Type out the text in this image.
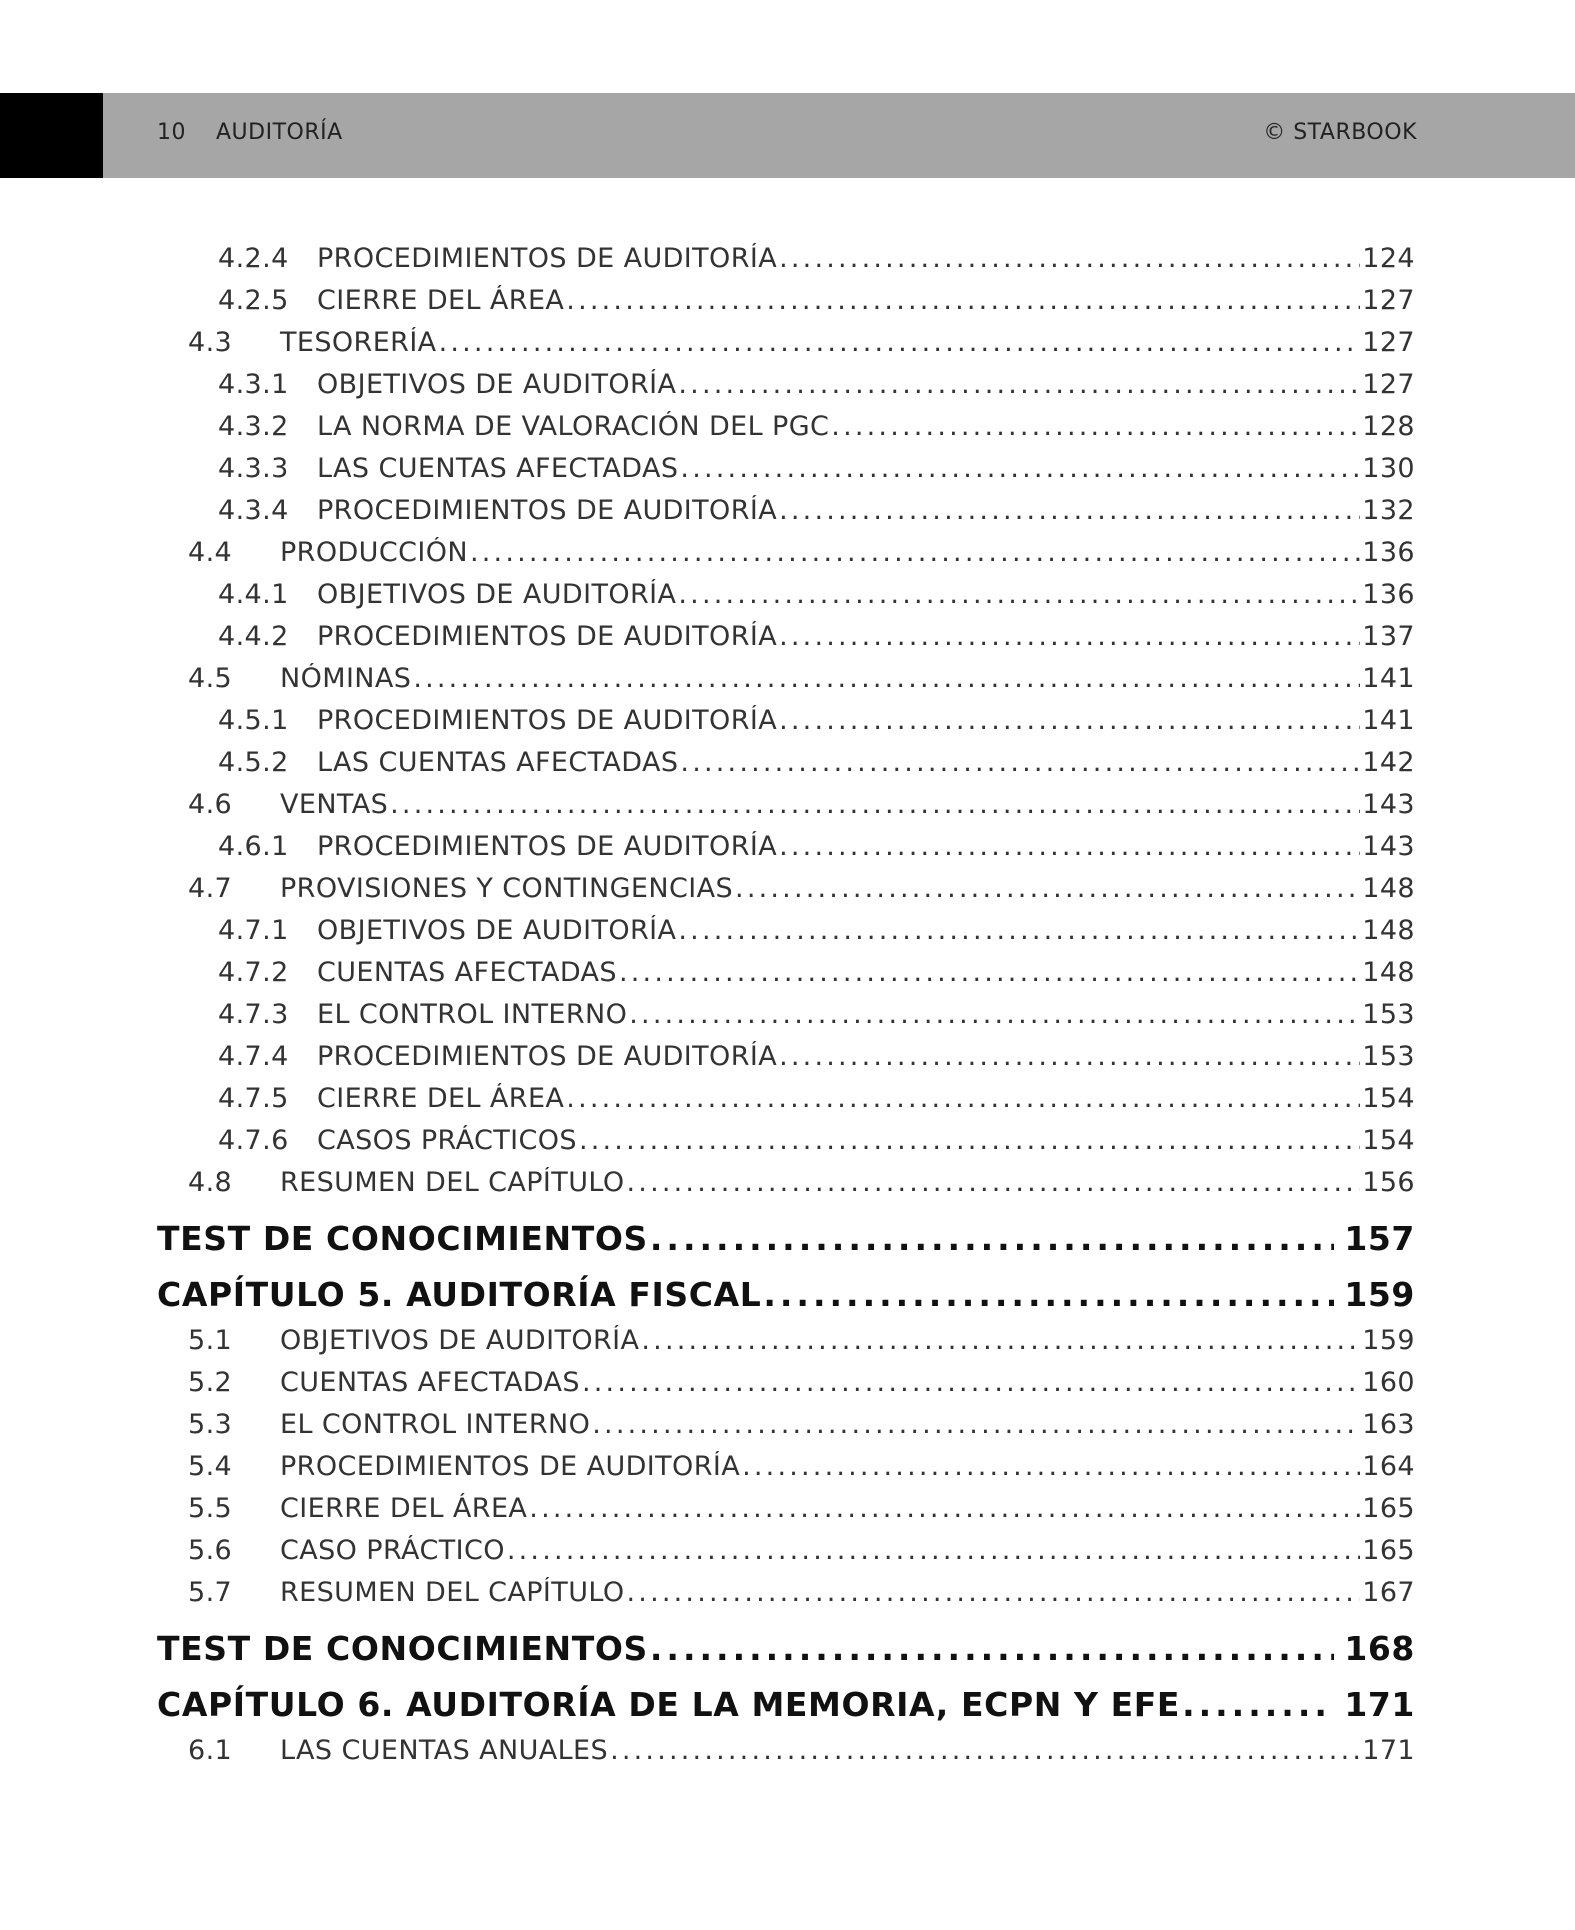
10 AUDITORÍA	© STARBOOK
4.2.4	PROCEDIMIENTOS DE AUDITORÍA .....	124
4.2.5	CIERRE DEL ÁREA .....	127
4.3	TESORERÍA .....	127
4.3.1	OBJETIVOS DE AUDITORÍA .....	127
4.3.2	LA NORMA DE VALORACIÓN DEL PGC .....	128
4.3.3	LAS CUENTAS AFECTADAS .....	130
4.3.4	PROCEDIMIENTOS DE AUDITORÍA .....	132
4.4	PRODUCCIÓN .....	136
4.4.1	OBJETIVOS DE AUDITORÍA .....	136
4.4.2	PROCEDIMIENTOS DE AUDITORÍA .....	137
4.5	NÓMINAS .....	141
4.5.1	PROCEDIMIENTOS DE AUDITORÍA .....	141
4.5.2	LAS CUENTAS AFECTADAS .....	142
4.6	VENTAS .....	143
4.6.1	PROCEDIMIENTOS DE AUDITORÍA .....	143
4.7	PROVISIONES Y CONTINGENCIAS .....	148
4.7.1	OBJETIVOS DE AUDITORÍA .....	148
4.7.2	CUENTAS AFECTADAS .....	148
4.7.3	EL CONTROL INTERNO .....	153
4.7.4	PROCEDIMIENTOS DE AUDITORÍA .....	153
4.7.5	CIERRE DEL ÁREA .....	154
4.7.6	CASOS PRÁCTICOS .....	154
4.8	RESUMEN DEL CAPÍTULO .....	156
TEST DE CONOCIMIENTOS .....	157
CAPÍTULO 5. AUDITORÍA FISCAL .....	159
5.1	OBJETIVOS DE AUDITORÍA .....	159
5.2	CUENTAS AFECTADAS .....	160
5.3	EL CONTROL INTERNO .....	163
5.4	PROCEDIMIENTOS DE AUDITORÍA .....	164
5.5	CIERRE DEL ÁREA .....	165
5.6	CASO PRÁCTICO .....	165
5.7	RESUMEN DEL CAPÍTULO .....	167
TEST DE CONOCIMIENTOS .....	168
CAPÍTULO 6. AUDITORÍA DE LA MEMORIA, ECPN Y EFE .....	171
6.1	LAS CUENTAS ANUALES .....	171
